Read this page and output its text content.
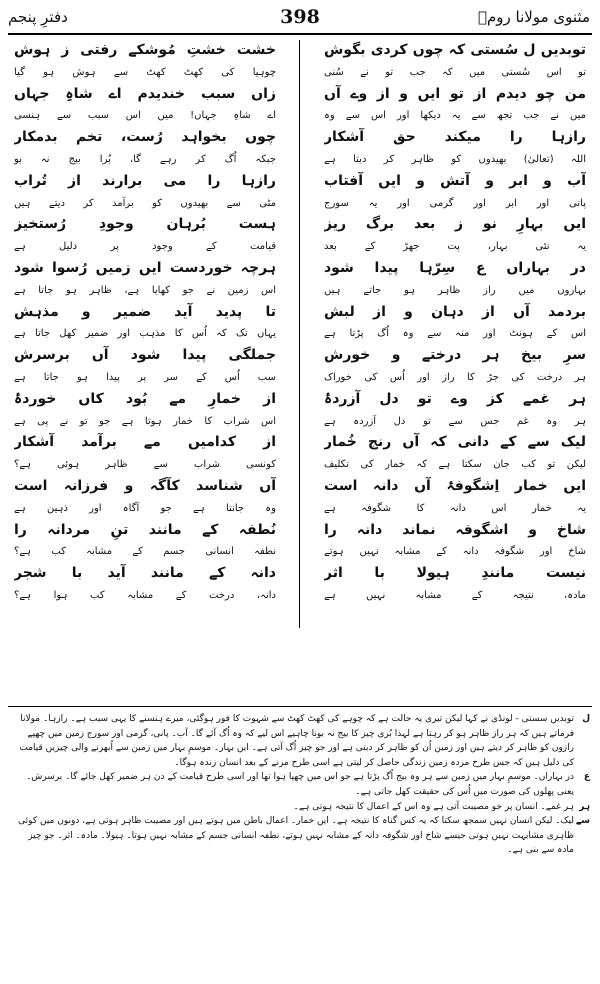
دفترِ پنجم	398	مثنوی مولانا رومؒ
توبدیں ل سُستی کہ چوں کردی بگوش
تو اس سُستی میں کہ جب تو نے سُنی
من چو دیدم از تو ایں و از وے آں
میں نے جب تجھ سے یہ دیکھا اور اس سے وہ
رازہا را میکند حق آشکار
اللہ (تعالیٰ) بھیدوں کو ظاہر کر دیتا ہے
آب و ابر و آتش و ایں آفتاب
پانی اور ابر اور گرمی اور یہ سورج
ایں بہارِ نو ز بعد برگ ریز
یہ نئی بہار، پت جھڑ کے بعد
در بہاراں ع سِرّہا پیدا شود
بہاروں میں راز ظاہر ہو جاتے ہیں
بردمد آں از دہان و از لبش
اس کے ہونٹ اور منہ سے وہ اُگ پڑتا ہے
سرِ بیخ ہر درختے و خورش
ہر درخت کی جڑ کا راز اور اُس کی خوراک
ہر غمے کز وے تو دل آزردۂ
ہر وہ غم جس سے تو دل آزردہ ہے
لیک سے کے دانی کہ آں رنج خُمار
لیکن تو کب جان سکتا ہے کہ خمار کی تکلیف
ایں خمار اِشگوفۂ آں دانہ است
یہ خمار اس دانہ کا شگوفہ ہے
شاخ و اشگوفہ نماند دانہ را
شاخ اور شگوفہ دانہ کے مشابہ نہیں ہوتے
نیست مانندِ ہیولا با اثر
مادہ، نتیجہ کے مشابہ نہیں ہے
خشت خشتِ مُوشکے رفتی ز ہوش
چوہیا کی کھٹ کھٹ سے ہوش ہو گیا
زاں سبب خندیدم اے شاہِ جہاں
اے شاہِ جہاں! میں اس سبب سے ہنسی
چوں بخواہد رُست، تخم بدمکار
جبکہ اُگ کر رہے گا، بُرا بیج نہ بو
رازہا را می برارند از تُراب
مٹی سے بھیدوں کو برآمد کر دیتے ہیں
ہست بُرہان وجودِ رُستخیز
قیامت کے وجود پر دلیل ہے
ہرچہ خوردست ایں زمیں رُسوا شود
اس زمین نے جو کھایا ہے، ظاہر ہو جاتا ہے
تا پدید آید ضمیر و مذہش
یہاں تک کہ اُس کا مذہب اور ضمیر کھل جاتا ہے
جملگی پیدا شود آں برسرش
سب اُس کے سر پر پیدا ہو جاتا ہے
از خمارِ مے بُود کاں خوردۂ
اس شراب کا خمار ہوتا ہے جو تو نے پی ہے
از کدامیں مے برآمد آشکار
کونسی شراب سے ظاہر ہوئی ہے؟
آں شناسد کآگہ و فرزانہ است
وہ جانتا ہے جو آگاہ اور ذہین ہے
نُطفہ کے مانند تنِ مردانہ را
نطفہ انسانی جسم کے مشابہ کب ہے؟
دانہ کے مانند آید با شجر
دانہ، درخت کے مشابہ کب ہوا ہے؟
ل
توبدیں سستی - لونڈی نے کہا لیکن تیری یہ حالت ہے کہ چوہے کی کھٹ کھٹ سے شہوت کا فور ہوگئی، میرے ہنسنے کا یہی سبب ہے۔ رازہا۔ مولانا فرماتے ہیں کہ ہر راز ظاہر ہو کر رہتا ہے لہذا بُری چیز کا بیج نہ بونا چاہیے اس لیے کہ وہ اُگ آئے گا۔ آب۔ پانی، گرمی اور سورج زمین میں چھپے رازوں کو ظاہر کر دیتے ہیں اور زمین اُن کو ظاہر کر دیتی ہے اور جو چیز اُگ آتی ہے۔ ایں بہار۔ موسمِ بہار میں زمین سے اُبھرنے والی چیزیں قیامت کی دلیل ہیں کہ جس طرح مردہ زمین زندگی حاصل کر لیتی ہے اسی طرح مرنے کے بعد انسان زندہ ہوگا۔
ع
در بہاراں۔ موسمِ بہار میں زمین سے ہر وہ بیج اُگ پڑتا ہے جو اس میں چھپا ہوا تھا اور اسی طرح قیامت کے دن ہر ضمیر کھل جائے گا۔ برسرش۔ یعنی پھلوں کی صورت میں اُس کی حقیقت کھل جاتی ہے۔
ہر
ہر غمے۔ انسان پر جو مصیبت آتی ہے وہ اس کے اعمال کا نتیجہ ہوتی ہے۔
سے
لیک۔ لیکن انسان نہیں سمجھ سکتا کہ یہ کس گناہ کا نتیجہ ہے۔ ایں خمار۔ اعمال باطن میں ہوتے ہیں اور مصیبت ظاہر ہوتی ہے، دونوں میں کوئی ظاہری مشابہت نہیں ہوتی جیسے شاخ اور شگوفہ دانہ کے مشابہ نہیں ہوتے، نطفہ انسانی جسم کے مشابہ نہیں ہوتا۔ ہیولا۔ مادہ۔ اثر۔ جو چیز مادہ سے بنی ہے۔
